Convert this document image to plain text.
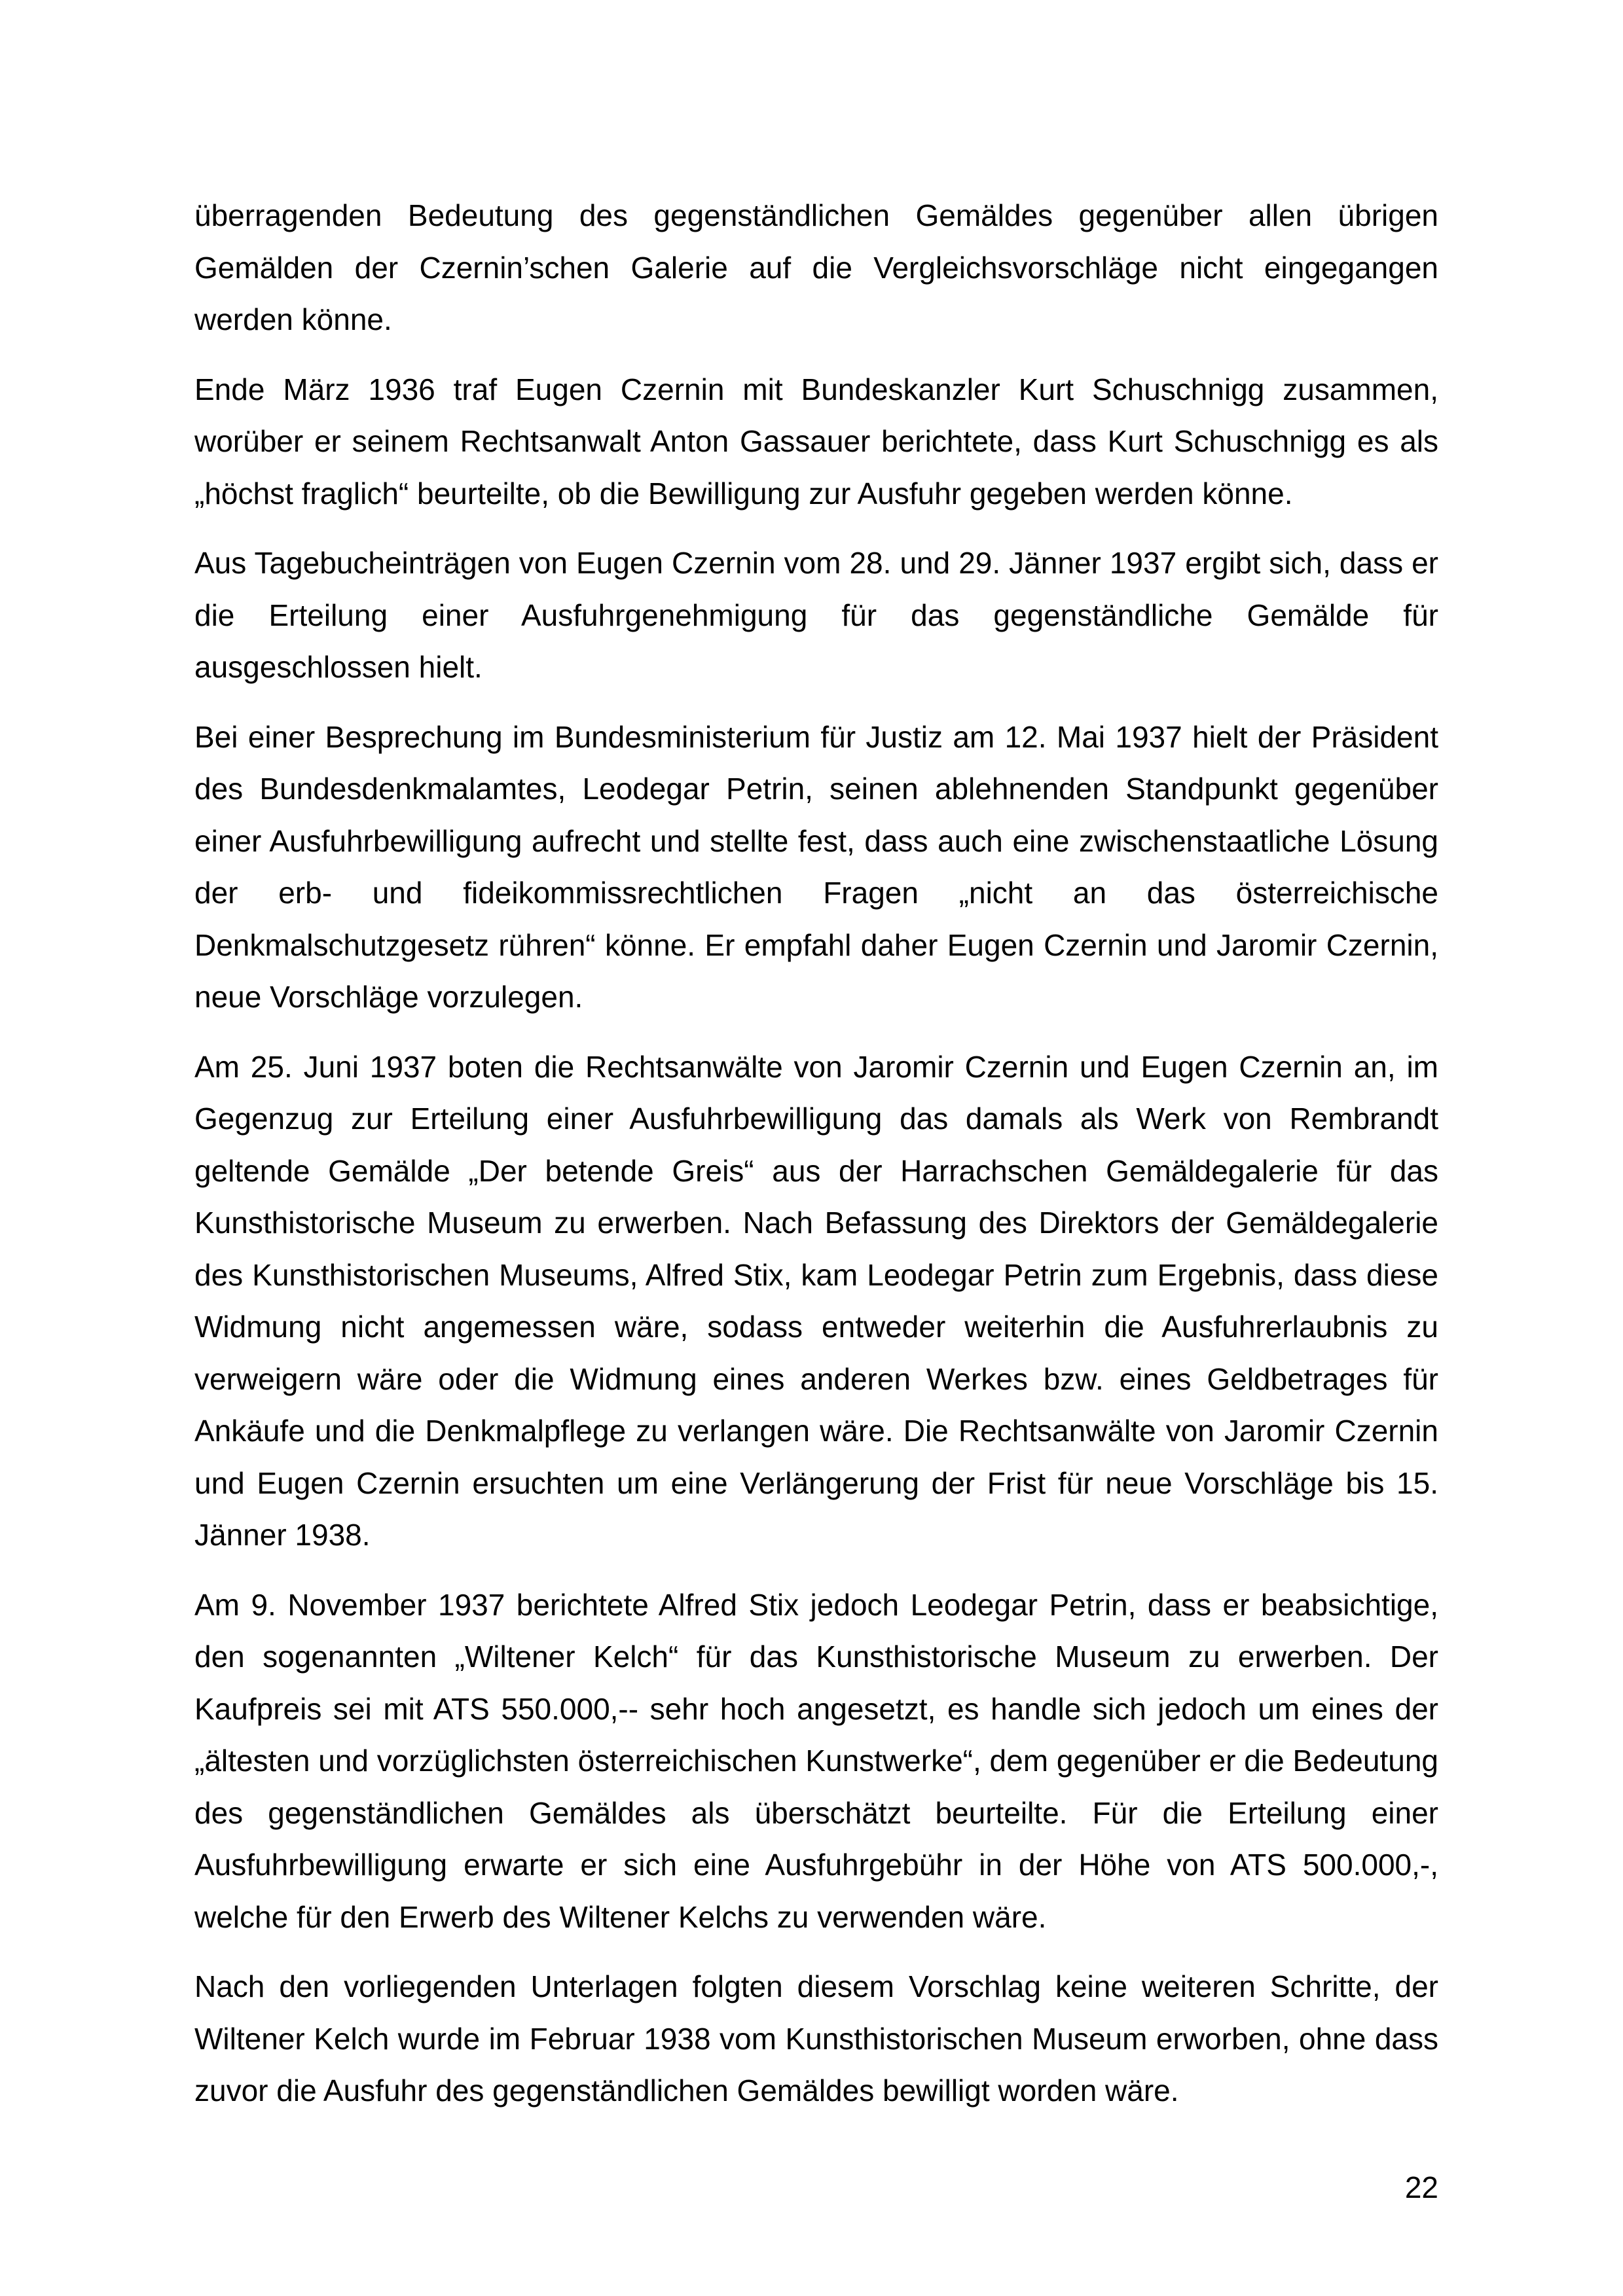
überragenden Bedeutung des gegenständlichen Gemäldes gegenüber allen übrigen Gemälden der Czernin’schen Galerie auf die Vergleichsvorschläge nicht eingegangen werden könne.

Ende März 1936 traf Eugen Czernin mit Bundeskanzler Kurt Schuschnigg zusammen, worüber er seinem Rechtsanwalt Anton Gassauer berichtete, dass Kurt Schuschnigg es als „höchst fraglich“ beurteilte, ob die Bewilligung zur Ausfuhr gegeben werden könne.

Aus Tagebucheinträgen von Eugen Czernin vom 28. und 29. Jänner 1937 ergibt sich, dass er die Erteilung einer Ausfuhrgenehmigung für das gegenständliche Gemälde für ausgeschlossen hielt.

Bei einer Besprechung im Bundesministerium für Justiz am 12. Mai 1937 hielt der Präsident des Bundesdenkmalamtes, Leodegar Petrin, seinen ablehnenden Standpunkt gegenüber einer Ausfuhrbewilligung aufrecht und stellte fest, dass auch eine zwischenstaatliche Lösung der erb- und fideikommissrechtlichen Fragen „nicht an das österreichische Denkmalschutzgesetz rühren“ könne. Er empfahl daher Eugen Czernin und Jaromir Czernin, neue Vorschläge vorzulegen.

Am 25. Juni 1937 boten die Rechtsanwälte von Jaromir Czernin und Eugen Czernin an, im Gegenzug zur Erteilung einer Ausfuhrbewilligung das damals als Werk von Rembrandt geltende Gemälde „Der betende Greis“ aus der Harrachschen Gemäldegalerie für das Kunsthistorische Museum zu erwerben. Nach Befassung des Direktors der Gemäldegalerie des Kunsthistorischen Museums, Alfred Stix, kam Leodegar Petrin zum Ergebnis, dass diese Widmung nicht angemessen wäre, sodass entweder weiterhin die Ausfuhrerlaubnis zu verweigern wäre oder die Widmung eines anderen Werkes bzw. eines Geldbetrages für Ankäufe und die Denkmalpflege zu verlangen wäre. Die Rechtsanwälte von Jaromir Czernin und Eugen Czernin ersuchten um eine Verlängerung der Frist für neue Vorschläge bis 15. Jänner 1938.

Am 9. November 1937 berichtete Alfred Stix jedoch Leodegar Petrin, dass er beabsichtige, den sogenannten „Wiltener Kelch“ für das Kunsthistorische Museum zu erwerben. Der Kaufpreis sei mit ATS 550.000,-- sehr hoch angesetzt, es handle sich jedoch um eines der „ältesten und vorzüglichsten österreichischen Kunstwerke“, dem gegenüber er die Bedeutung des gegenständlichen Gemäldes als überschätzt beurteilte. Für die Erteilung einer Ausfuhrbewilligung erwarte er sich eine Ausfuhrgebühr in der Höhe von ATS 500.000,-, welche für den Erwerb des Wiltener Kelchs zu verwenden wäre.

Nach den vorliegenden Unterlagen folgten diesem Vorschlag keine weiteren Schritte, der Wiltener Kelch wurde im Februar 1938 vom Kunsthistorischen Museum erworben, ohne dass zuvor die Ausfuhr des gegenständlichen Gemäldes bewilligt worden wäre.

22
